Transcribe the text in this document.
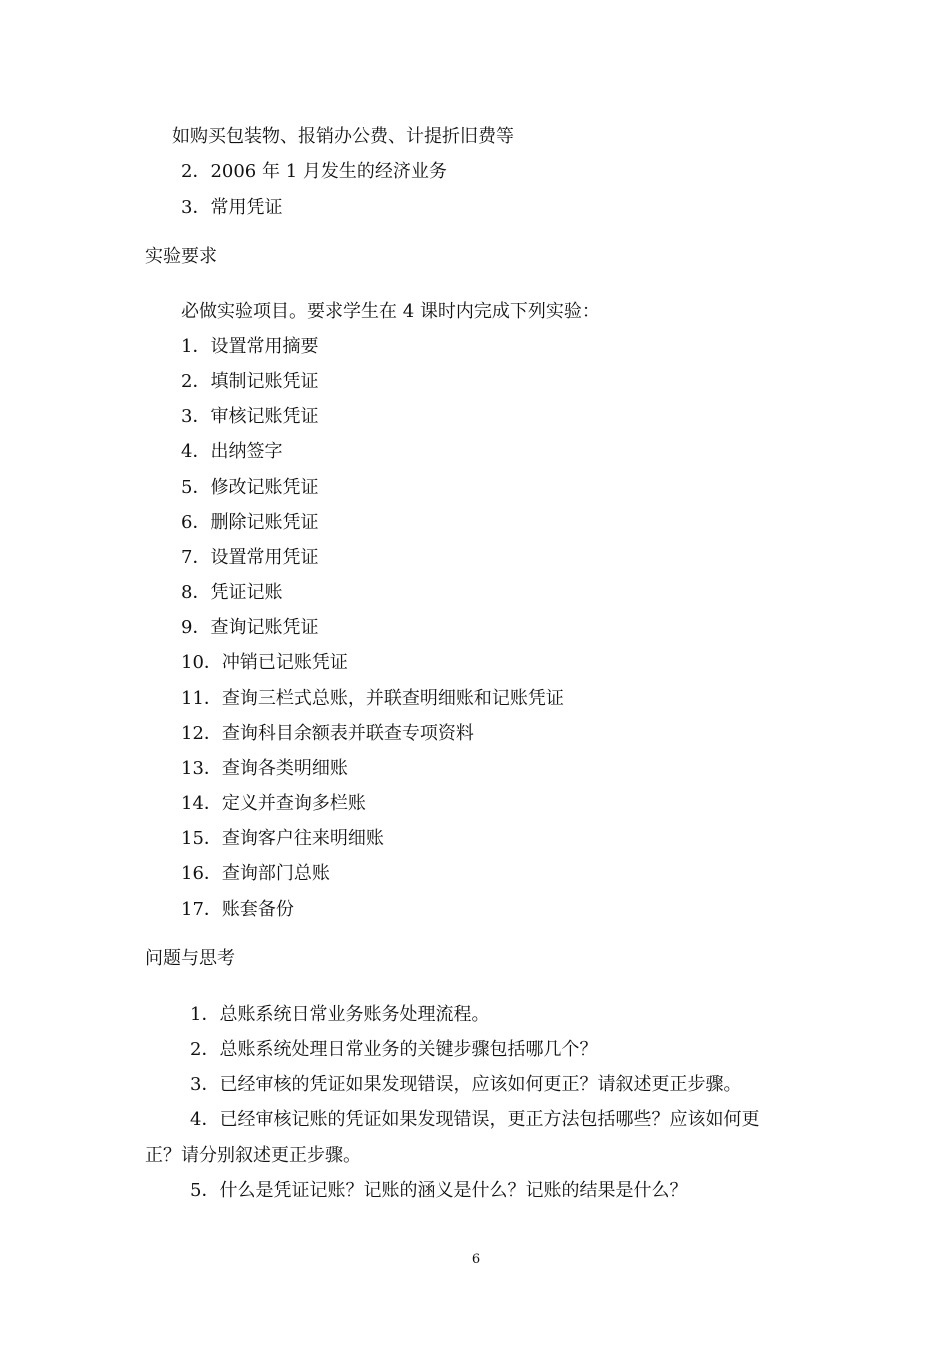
如购买包装物、报销办公费、计提折旧费等
2．2006 年 1 月发生的经济业务
3．常用凭证
实验要求
必做实验项目。要求学生在 4 课时内完成下列实验：
1．设置常用摘要
2．填制记账凭证
3．审核记账凭证
4．出纳签字
5．修改记账凭证
6．删除记账凭证
7．设置常用凭证
8．凭证记账
9．查询记账凭证
10．冲销已记账凭证
11．查询三栏式总账，并联查明细账和记账凭证
12．查询科目余额表并联查专项资料
13．查询各类明细账
14．定义并查询多栏账
15．查询客户往来明细账
16．查询部门总账
17．账套备份
问题与思考
1．总账系统日常业务账务处理流程。
2．总账系统处理日常业务的关键步骤包括哪几个？
3．已经审核的凭证如果发现错误，应该如何更正？请叙述更正步骤。
4．已经审核记账的凭证如果发现错误，更正方法包括哪些？应该如何更
正？请分别叙述更正步骤。
5．什么是凭证记账？记账的涵义是什么？记账的结果是什么？
6
